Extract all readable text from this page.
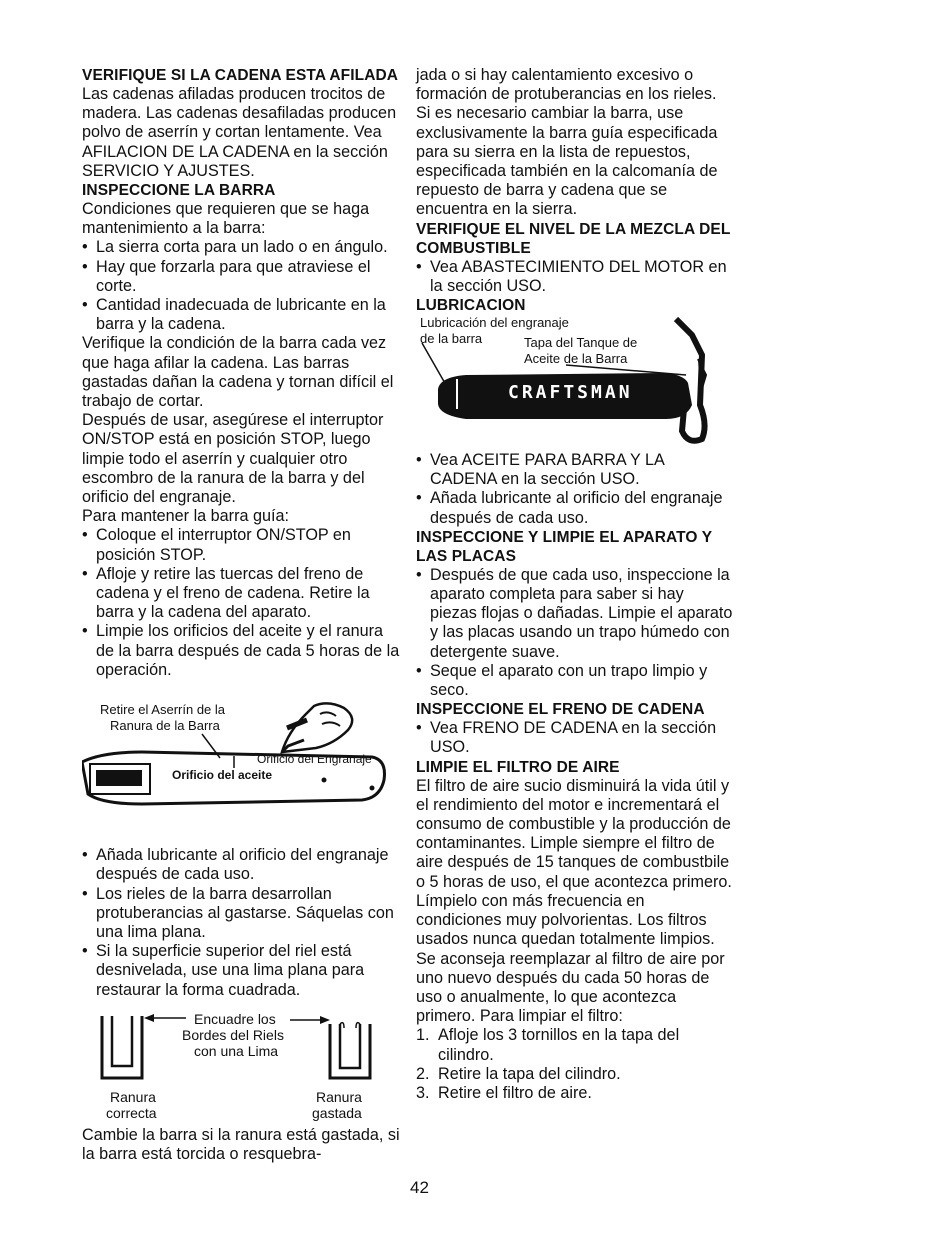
VERIFIQUE SI LA CADENA ESTA AFILADA

Las cadenas afiladas producen trocitos de madera. Las cadenas desafiladas producen polvo de aserrín y cortan lentamente. Vea AFILACION DE LA CADENA en la sección SERVICIO Y AJUSTES.

INSPECCIONE LA BARRA

Condiciones que requieren que se haga mantenimiento a la barra:

• La sierra corta para un lado o en ángulo.

• Hay que forzarla para que atraviese el corte.

• Cantidad inadecuada de lubricante en la barra y la cadena.

Verifique la condición de la barra cada vez que haga afilar la cadena. Las barras gastadas dañan la cadena y tornan difícil el trabajo de cortar.

Después de usar, asegúrese el interruptor ON/STOP está en posición STOP, luego limpie todo el aserrín y cualquier otro escombro de la ranura de la barra y del orificio del engranaje.

Para mantener la barra guía:

• Coloque el interruptor ON/STOP en posición STOP.

• Afloje y retire las tuercas del freno de cadena y el freno de cadena. Retire la barra y la cadena del aparato.

• Limpie los orificios del aceite y el ranura de la barra después de cada 5 horas de la operación.

Retire el Aserrín de la
Ranura de la Barra
Orificio del Engranaje
Orificio del aceite

• Añada lubricante al orificio del engranaje después de cada uso.

• Los rieles de la barra desarrollan protuberancias al gastarse. Sáquelas con una lima plana.

• Si la superficie superior del riel está desnivelada, use una lima plana para restaurar la forma cuadrada.

Encuadre los
Bordes del Riels
con una Lima
Ranura
correcta
Ranura
gastada

Cambie la barra si la ranura está gastada, si la barra está torcida o resquebra-

jada o si hay calentamiento excesivo o formación de protuberancias en los rieles. Si es necesario cambiar la barra, use exclusivamente la barra guía especificada para su sierra en la lista de repuestos, especificada también en la calcomanía de repuesto de barra y cadena que se encuentra en la sierra.

VERIFIQUE EL NIVEL DE LA MEZCLA DEL COMBUSTIBLE

• Vea ABASTECIMIENTO DEL MOTOR en la sección USO.

LUBRICACION
Lubricación del engranaje
de la barra	Tapa del Tanque de
Aceite de la Barra
CRAFTSMAN

• Vea ACEITE PARA BARRA Y LA CADENA en la sección USO.

• Añada lubricante al orificio del engranaje después de cada uso.

INSPECCIONE Y LIMPIE EL APARATO Y LAS PLACAS

• Después de que cada uso, inspeccione la aparato completa para saber si hay piezas flojas o dañadas. Limpie el aparato y las placas usando un trapo húmedo con detergente suave.

• Seque el aparato con un trapo limpio y seco.

INSPECCIONE EL FRENO DE CADENA

• Vea FRENO DE CADENA en la sección USO.

LIMPIE EL FILTRO DE AIRE

El filtro de aire sucio disminuirá la vida útil y el rendimiento del motor e incrementará el consumo de combustible y la producción de contaminantes. Limple siempre el filtro de aire después de 15 tanques de combustbile o 5 horas de uso, el que acontezca primero. Límpielo con más frecuencia en condiciones muy polvorientas. Los filtros usados nunca quedan totalmente limpios. Se aconseja reemplazar al filtro de aire por uno nuevo después du cada 50 horas de uso o anualmente, lo que acontezca primero. Para limpiar el filtro:

1. Afloje los 3 tornillos en la tapa del cilindro.

2. Retire la tapa del cilindro.

3. Retire el filtro de aire.

42
